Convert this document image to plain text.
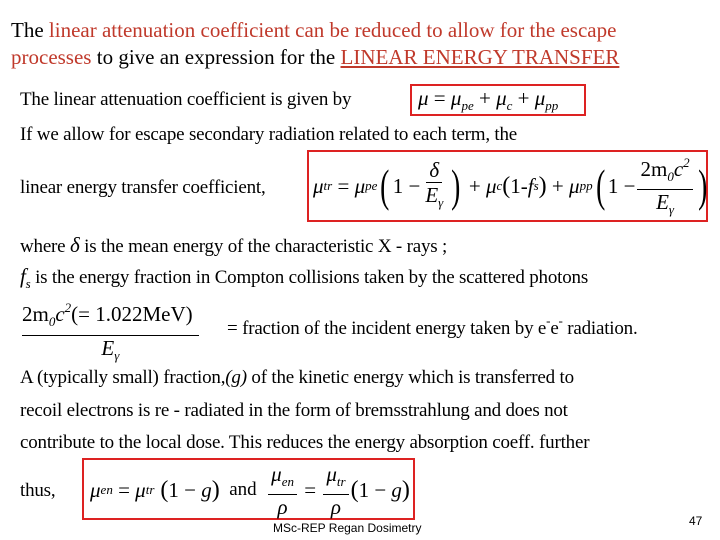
The linear attenuation coefficient can be reduced to allow for the escape
processes to give an expression for the LINEAR ENERGY TRANSFER
The linear attenuation coefficient is given by	$\mu = \mu_{pe} + \mu_c + \mu_{pp}$
If we allow for escape secondary radiation related to each term, the
linear energy transfer coefficient, μ tr = μ pe ( $1 - \frac{\delta}{E_\gamma}$ ) + μ c ( 1 - f s ) + μ pp ( $1 - \frac{2m_0c^2}{E_\gamma}$ )
where δ is the mean energy of the characteristic X - rays ;
$f_s$ is the energy fraction in Compton collisions taken by the scattered photons
$\frac{2m_0c^2(= 1.022MeV)}{E_\gamma}$ = fraction of the incident energy taken by e-e- radiation.
A (typically small) fraction,(g) of the kinetic energy which is transferred to
recoil electrons is re - radiated in the form of bremsstrahlung and does not
contribute to the local dose. This reduces the energy absorption coeff. further
thus, μ en = μ tr ( 1 − g ) and $\frac{\mu_{en}}{\rho} = \frac{\mu_{tr}}{\rho}$ ( 1 − g )
MSc-REP Regan Dosimetry	47
